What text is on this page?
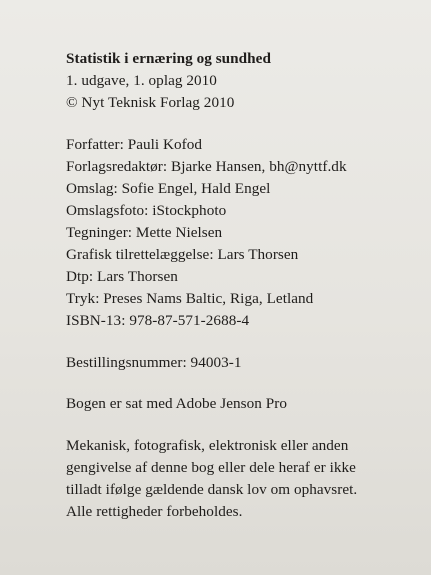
Statistik i ernæring og sundhed
1. udgave, 1. oplag 2010
© Nyt Teknisk Forlag 2010
Forfatter: Pauli Kofod
Forlagsredaktør: Bjarke Hansen, bh@nyttf.dk
Omslag: Sofie Engel, Hald Engel
Omslagsfoto: iStockphoto
Tegninger: Mette Nielsen
Grafisk tilrettelæggelse: Lars Thorsen
Dtp: Lars Thorsen
Tryk: Preses Nams Baltic, Riga, Letland
ISBN-13: 978-87-571-2688-4
Bestillingsnummer: 94003-1
Bogen er sat med Adobe Jenson Pro
Mekanisk, fotografisk, elektronisk eller anden
gengivelse af denne bog eller dele heraf er ikke
tilladt ifølge gældende dansk lov om ophavsret.
Alle rettigheder forbeholdes.
